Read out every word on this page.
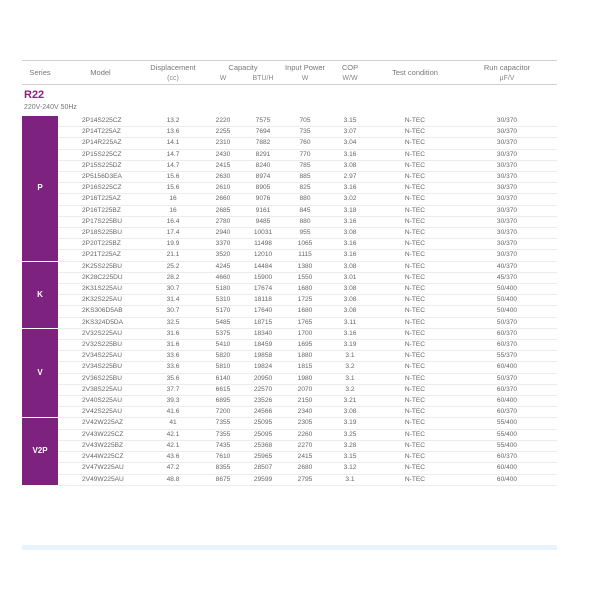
Series	Model	Displacement	Capacity		Input Power	COP	Test condition	Run capacitor
		(cc)	W	BTU/H	W	W/W		µF/V
R22
220V-240V 50Hz
P	2P14S225CZ	13.2	2220	7575	705	3.15	N-TEC	30/370
	2P14T225AZ	13.6	2255	7694	735	3.07	N-TEC	30/370
	2P14R225AZ	14.1	2310	7882	760	3.04	N-TEC	30/370
	2P15S225CZ	14.7	2430	8291	770	3.16	N-TEC	30/370
	2P15S225DZ	14.7	2415	8240	785	3.08	N-TEC	30/370
	2P5156D3EA	15.6	2630	8974	885	2.97	N-TEC	30/370
	2P16S225CZ	15.6	2610	8905	825	3.16	N-TEC	30/370
	2P16T225AZ	16	2660	9076	880	3.02	N-TEC	30/370
	2P16T225BZ	16	2685	9161	845	3.18	N-TEC	30/370
	2P17S225BU	16.4	2780	9485	880	3.16	N-TEC	30/370
	2P18S225BU	17.4	2940	10031	955	3.08	N-TEC	30/370
	2P20T225BZ	19.9	3370	11498	1065	3.16	N-TEC	30/370
	2P21T225AZ	21.1	3520	12010	1115	3.16	N-TEC	30/370
K	2K25S225BU	25.2	4245	14484	1380	3.08	N-TEC	40/370
	2K28C225DU	28.2	4660	15900	1550	3.01	N-TEC	45/370
	2K31S225AU	30.7	5180	17674	1680	3.08	N-TEC	50/400
	2K32S225AU	31.4	5310	18118	1725	3.08	N-TEC	50/400
	2KS306D5AB	30.7	5170	17640	1680	3.08	N-TEC	50/400
	2KS324D5DA	32.5	5485	18715	1765	3.11	N-TEC	50/370
V	2V32S225AU	31.6	5375	18340	1700	3.16	N-TEC	60/370
	2V32S225BU	31.6	5410	18459	1695	3.19	N-TEC	60/370
	2V34S225AU	33.6	5820	19858	1880	3.1	N-TEC	55/370
	2V34S225BU	33.6	5810	19824	1815	3.2	N-TEC	60/400
	2V36S225BU	35.6	6140	20950	1980	3.1	N-TEC	50/370
	2V38S225AU	37.7	6615	22570	2070	3.2	N-TEC	60/370
	2V40S225AU	39.3	6895	23526	2150	3.21	N-TEC	60/400
	2V42S225AU	41.6	7200	24566	2340	3.08	N-TEC	60/370
V2P	2V42W225AZ	41	7355	25095	2305	3.19	N-TEC	55/400
	2V43W225CZ	42.1	7355	25095	2260	3.25	N-TEC	55/400
	2V43W225BZ	42.1	7435	25368	2270	3.28	N-TEC	55/400
	2V44W225CZ	43.6	7610	25965	2415	3.15	N-TEC	60/370
	2V47W225AU	47.2	8355	28507	2680	3.12	N-TEC	60/400
	2V49W225AU	48.8	8675	29599	2795	3.1	N-TEC	60/400
